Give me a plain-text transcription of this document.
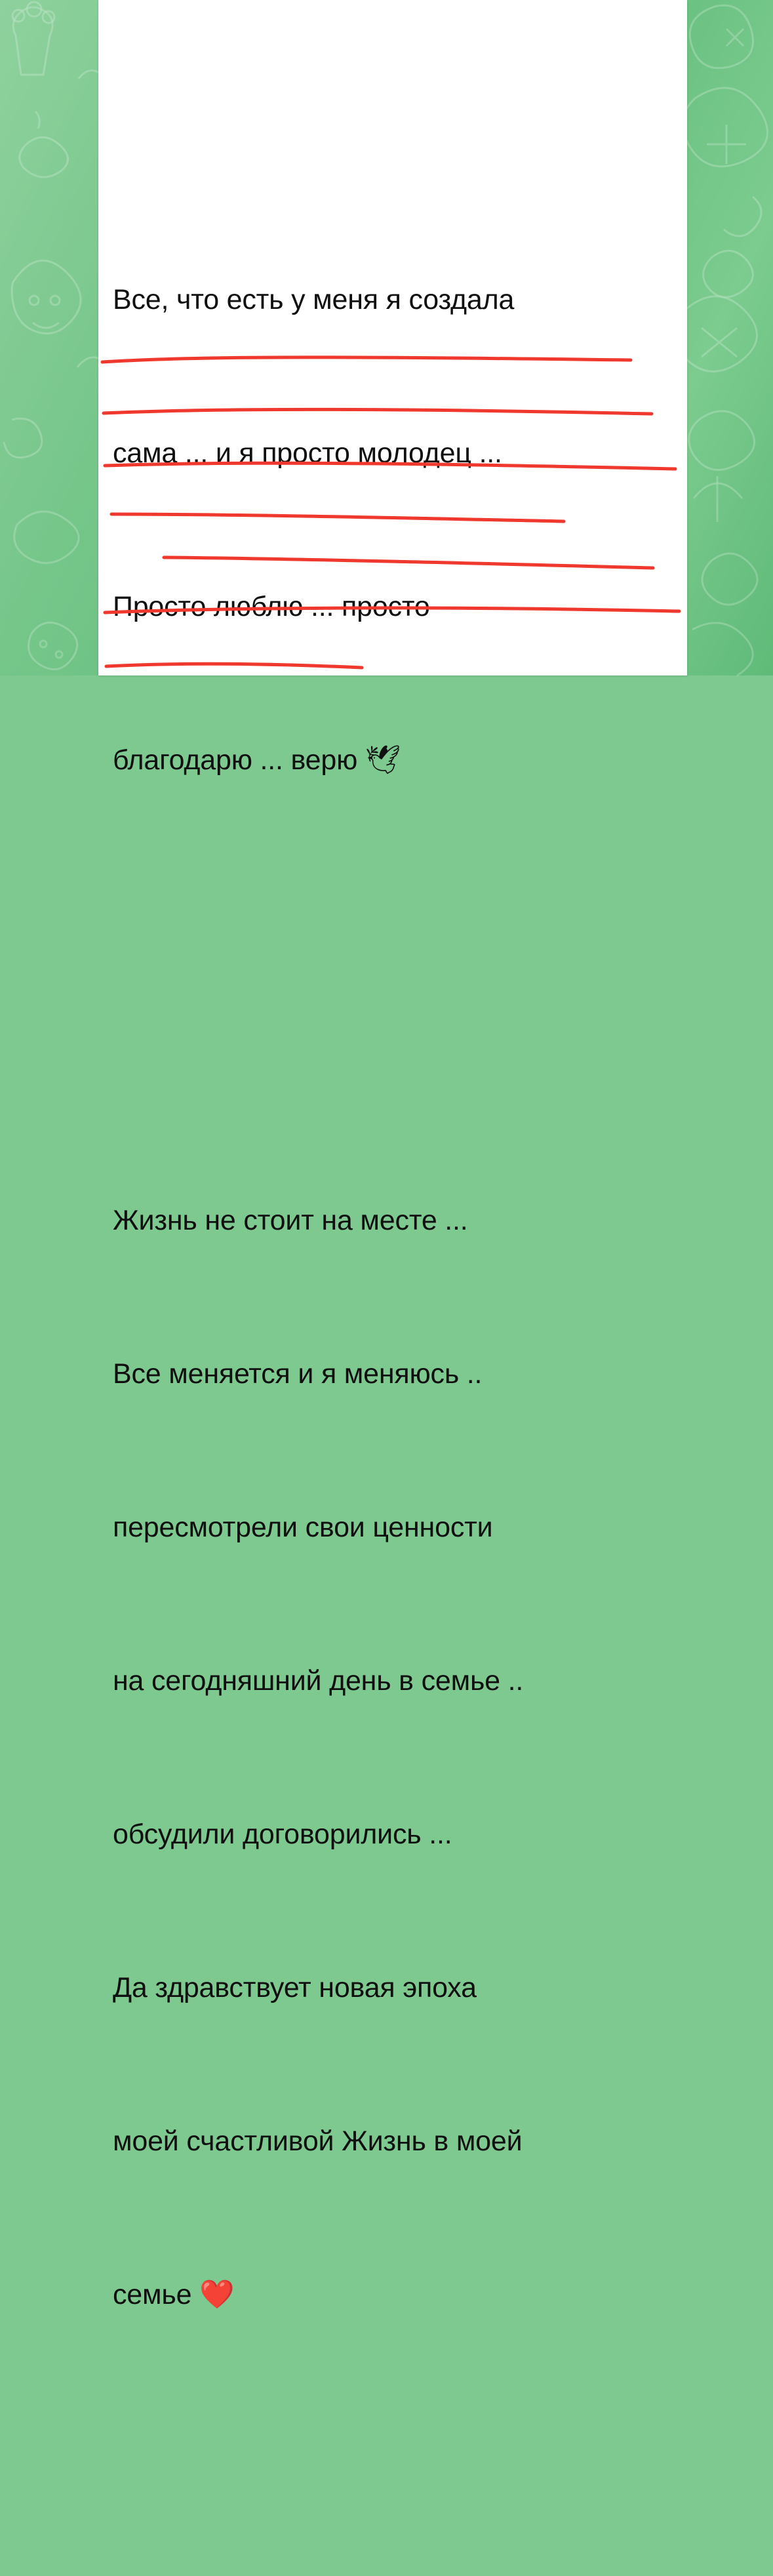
Все, что есть у меня я создала

сама ... и я просто молодец ...

Просто люблю ... просто

благодарю ... верю 🕊

Жизнь не стоит на месте ...

Все меняется и я меняюсь ..

пересмотрели свои ценности

на сегодняшний день в семье ..

обсудили договорились ...

Да здравствует новая эпоха

моей счастливой Жизнь в моей

семье ❤️
